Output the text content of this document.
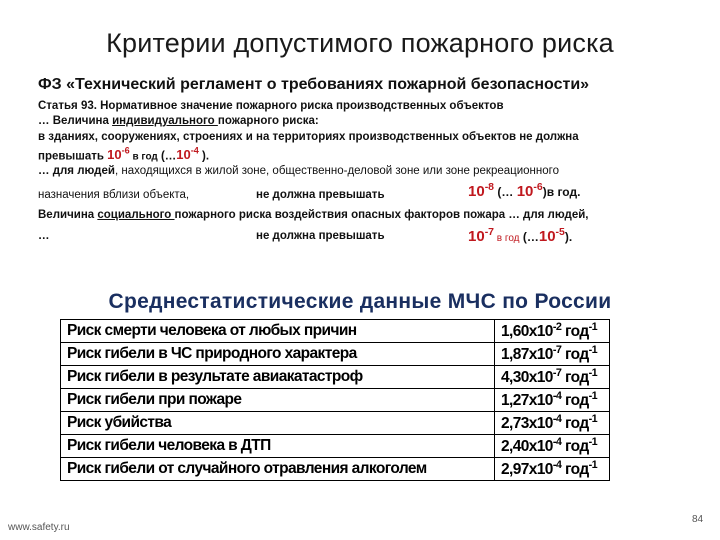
Критерии допустимого пожарного риска
ФЗ «Технический регламент о требованиях пожарной безопасности»
Статья 93. Нормативное значение пожарного риска производственных объектов
… Величина индивидуального пожарного риска:
в зданиях, сооружениях, строениях и на территориях производственных объектов не должна
превышать $10^{-6}$ в год ($\dots 10^{-4}$ ).
… для людей, находящихся в жилой зоне, общественно-деловой зоне или зоне рекреационного
назначения вблизи объекта,	не должна превышать	$10^{-8}$ (… $10^{-6})в$ год.
Величина социального пожарного риска воздействия опасных факторов пожара … для людей,
…	не должна превышать	$10^{-7}$ в год $(\dots 10^{-5})$.
Среднестатистические данные МЧС по России
Риск смерти человека от любых причин	$1,60х10^{-2}$ год$^{-1}$
Риск гибели в ЧС природного характера	$1,87х10^{-7}$ год$^{-1}$
Риск гибели в результате авиакатастроф	$4,30х10^{-7}$ год$^{-1}$
Риск гибели при пожаре	$1,27х10^{-4}$ год$^{-1}$
Риск убийства	$2,73х10^{-4}$ год$^{-1}$
Риск гибели человека в ДТП	$2,40х10^{-4}$ год$^{-1}$
Риск гибели от случайного отравления алкоголем	$2,97х10^{-4}$ год$^{-1}$
www.safety.ru
84
